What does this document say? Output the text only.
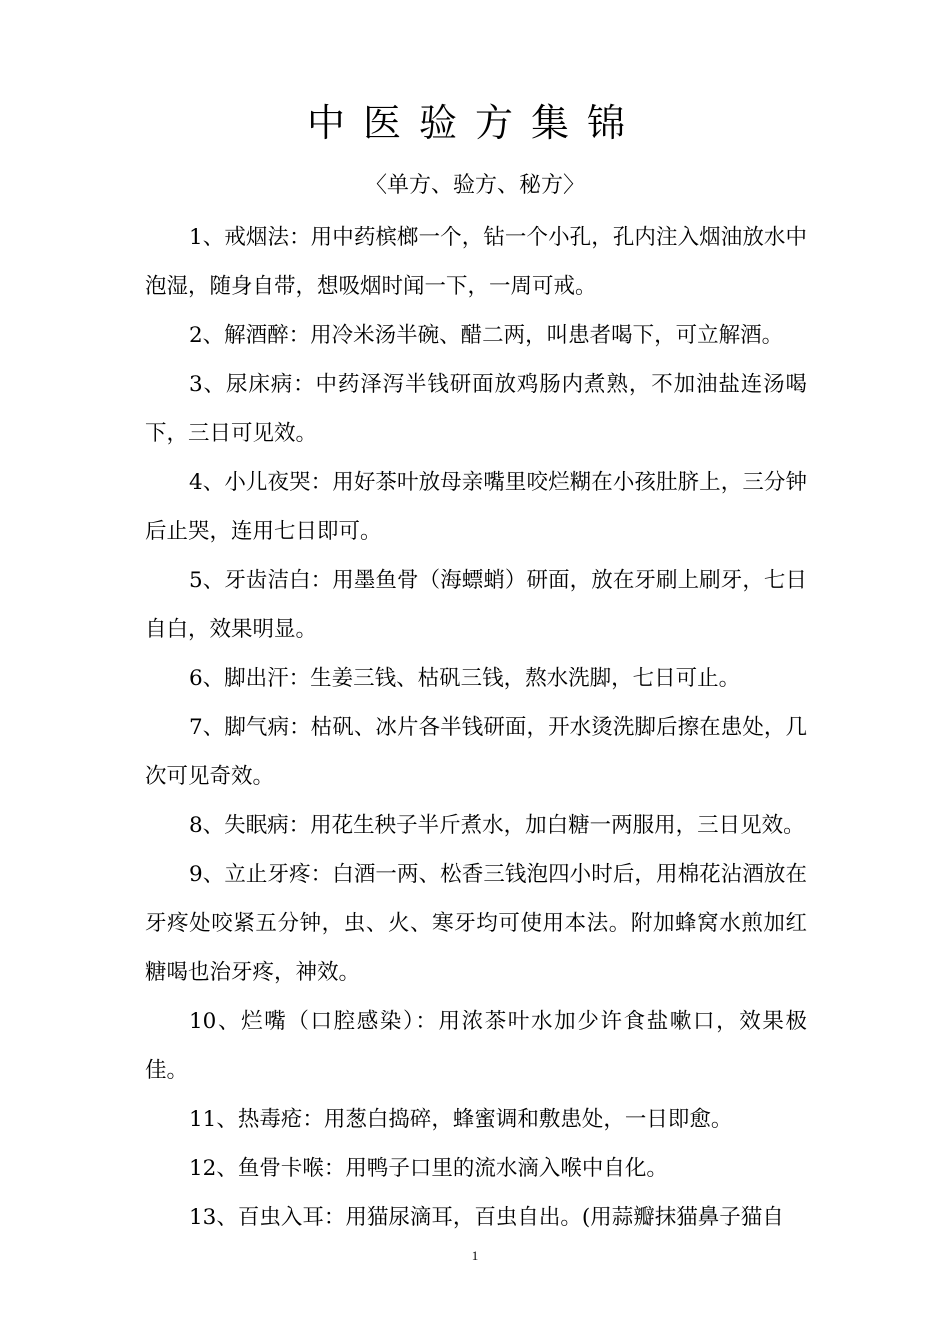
中医验方集锦
〈单方、验方、秘方〉

1、戒烟法：用中药槟榔一个，钻一个小孔，孔内注入烟油放水中泡湿，随身自带，想吸烟时闻一下，一周可戒。

2、解酒醉：用冷米汤半碗、醋二两，叫患者喝下，可立解酒。

3、尿床病：中药泽泻半钱研面放鸡肠内煮熟，不加油盐连汤喝下，三日可见效。

4、小儿夜哭：用好茶叶放母亲嘴里咬烂糊在小孩肚脐上，三分钟后止哭，连用七日即可。

5、牙齿洁白：用墨鱼骨（海螵蛸）研面，放在牙刷上刷牙，七日自白，效果明显。

6、脚出汗：生姜三钱、枯矾三钱，熬水洗脚，七日可止。

7、脚气病：枯矾、冰片各半钱研面，开水烫洗脚后擦在患处，几次可见奇效。

8、失眠病：用花生秧子半斤煮水，加白糖一两服用，三日见效。

9、立止牙疼：白酒一两、松香三钱泡四小时后，用棉花沾酒放在牙疼处咬紧五分钟，虫、火、寒牙均可使用本法。附加蜂窝水煎加红糖喝也治牙疼，神效。

10、烂嘴（口腔感染）：用浓茶叶水加少许食盐嗽口，效果极佳。

11、热毒疮：用葱白捣碎，蜂蜜调和敷患处，一日即愈。

12、鱼骨卡喉：用鸭子口里的流水滴入喉中自化。

13、百虫入耳：用猫尿滴耳，百虫自出。(用蒜瓣抹猫鼻子猫自

1
